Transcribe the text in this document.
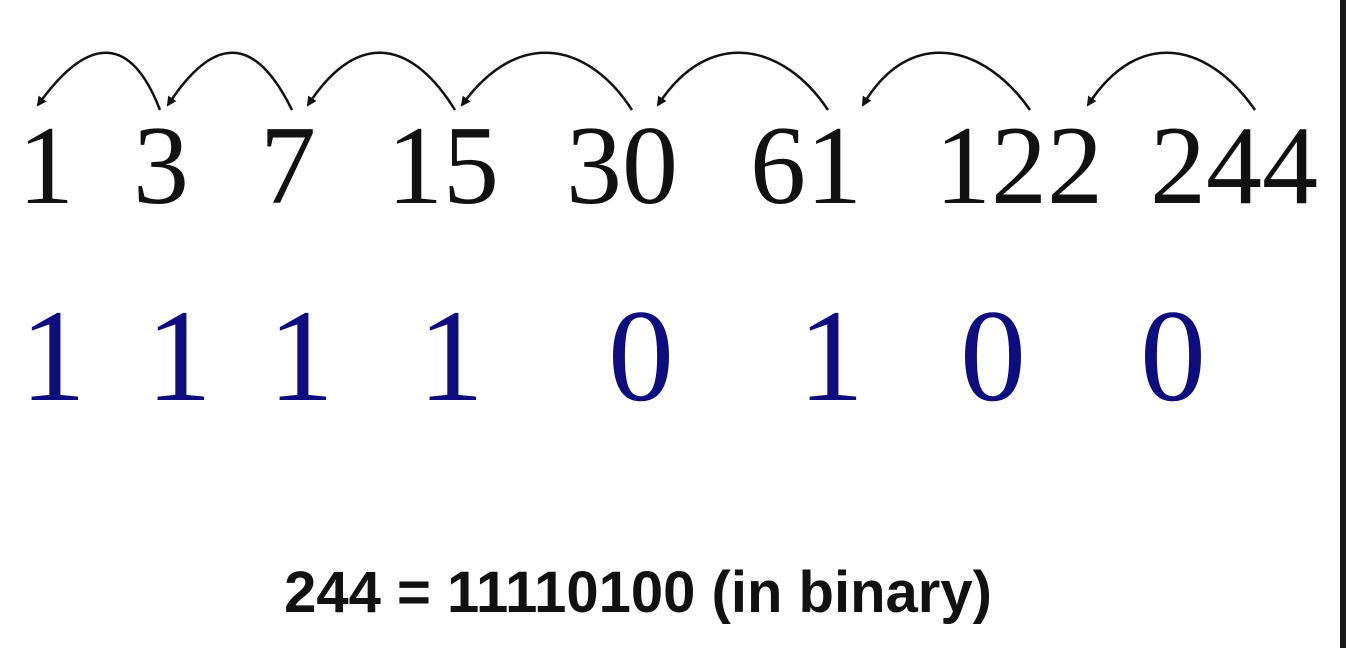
1 3 7 15 30 61 122 244
1 1 1 1 0 1 0 0
244 = 11110100 (in binary)
